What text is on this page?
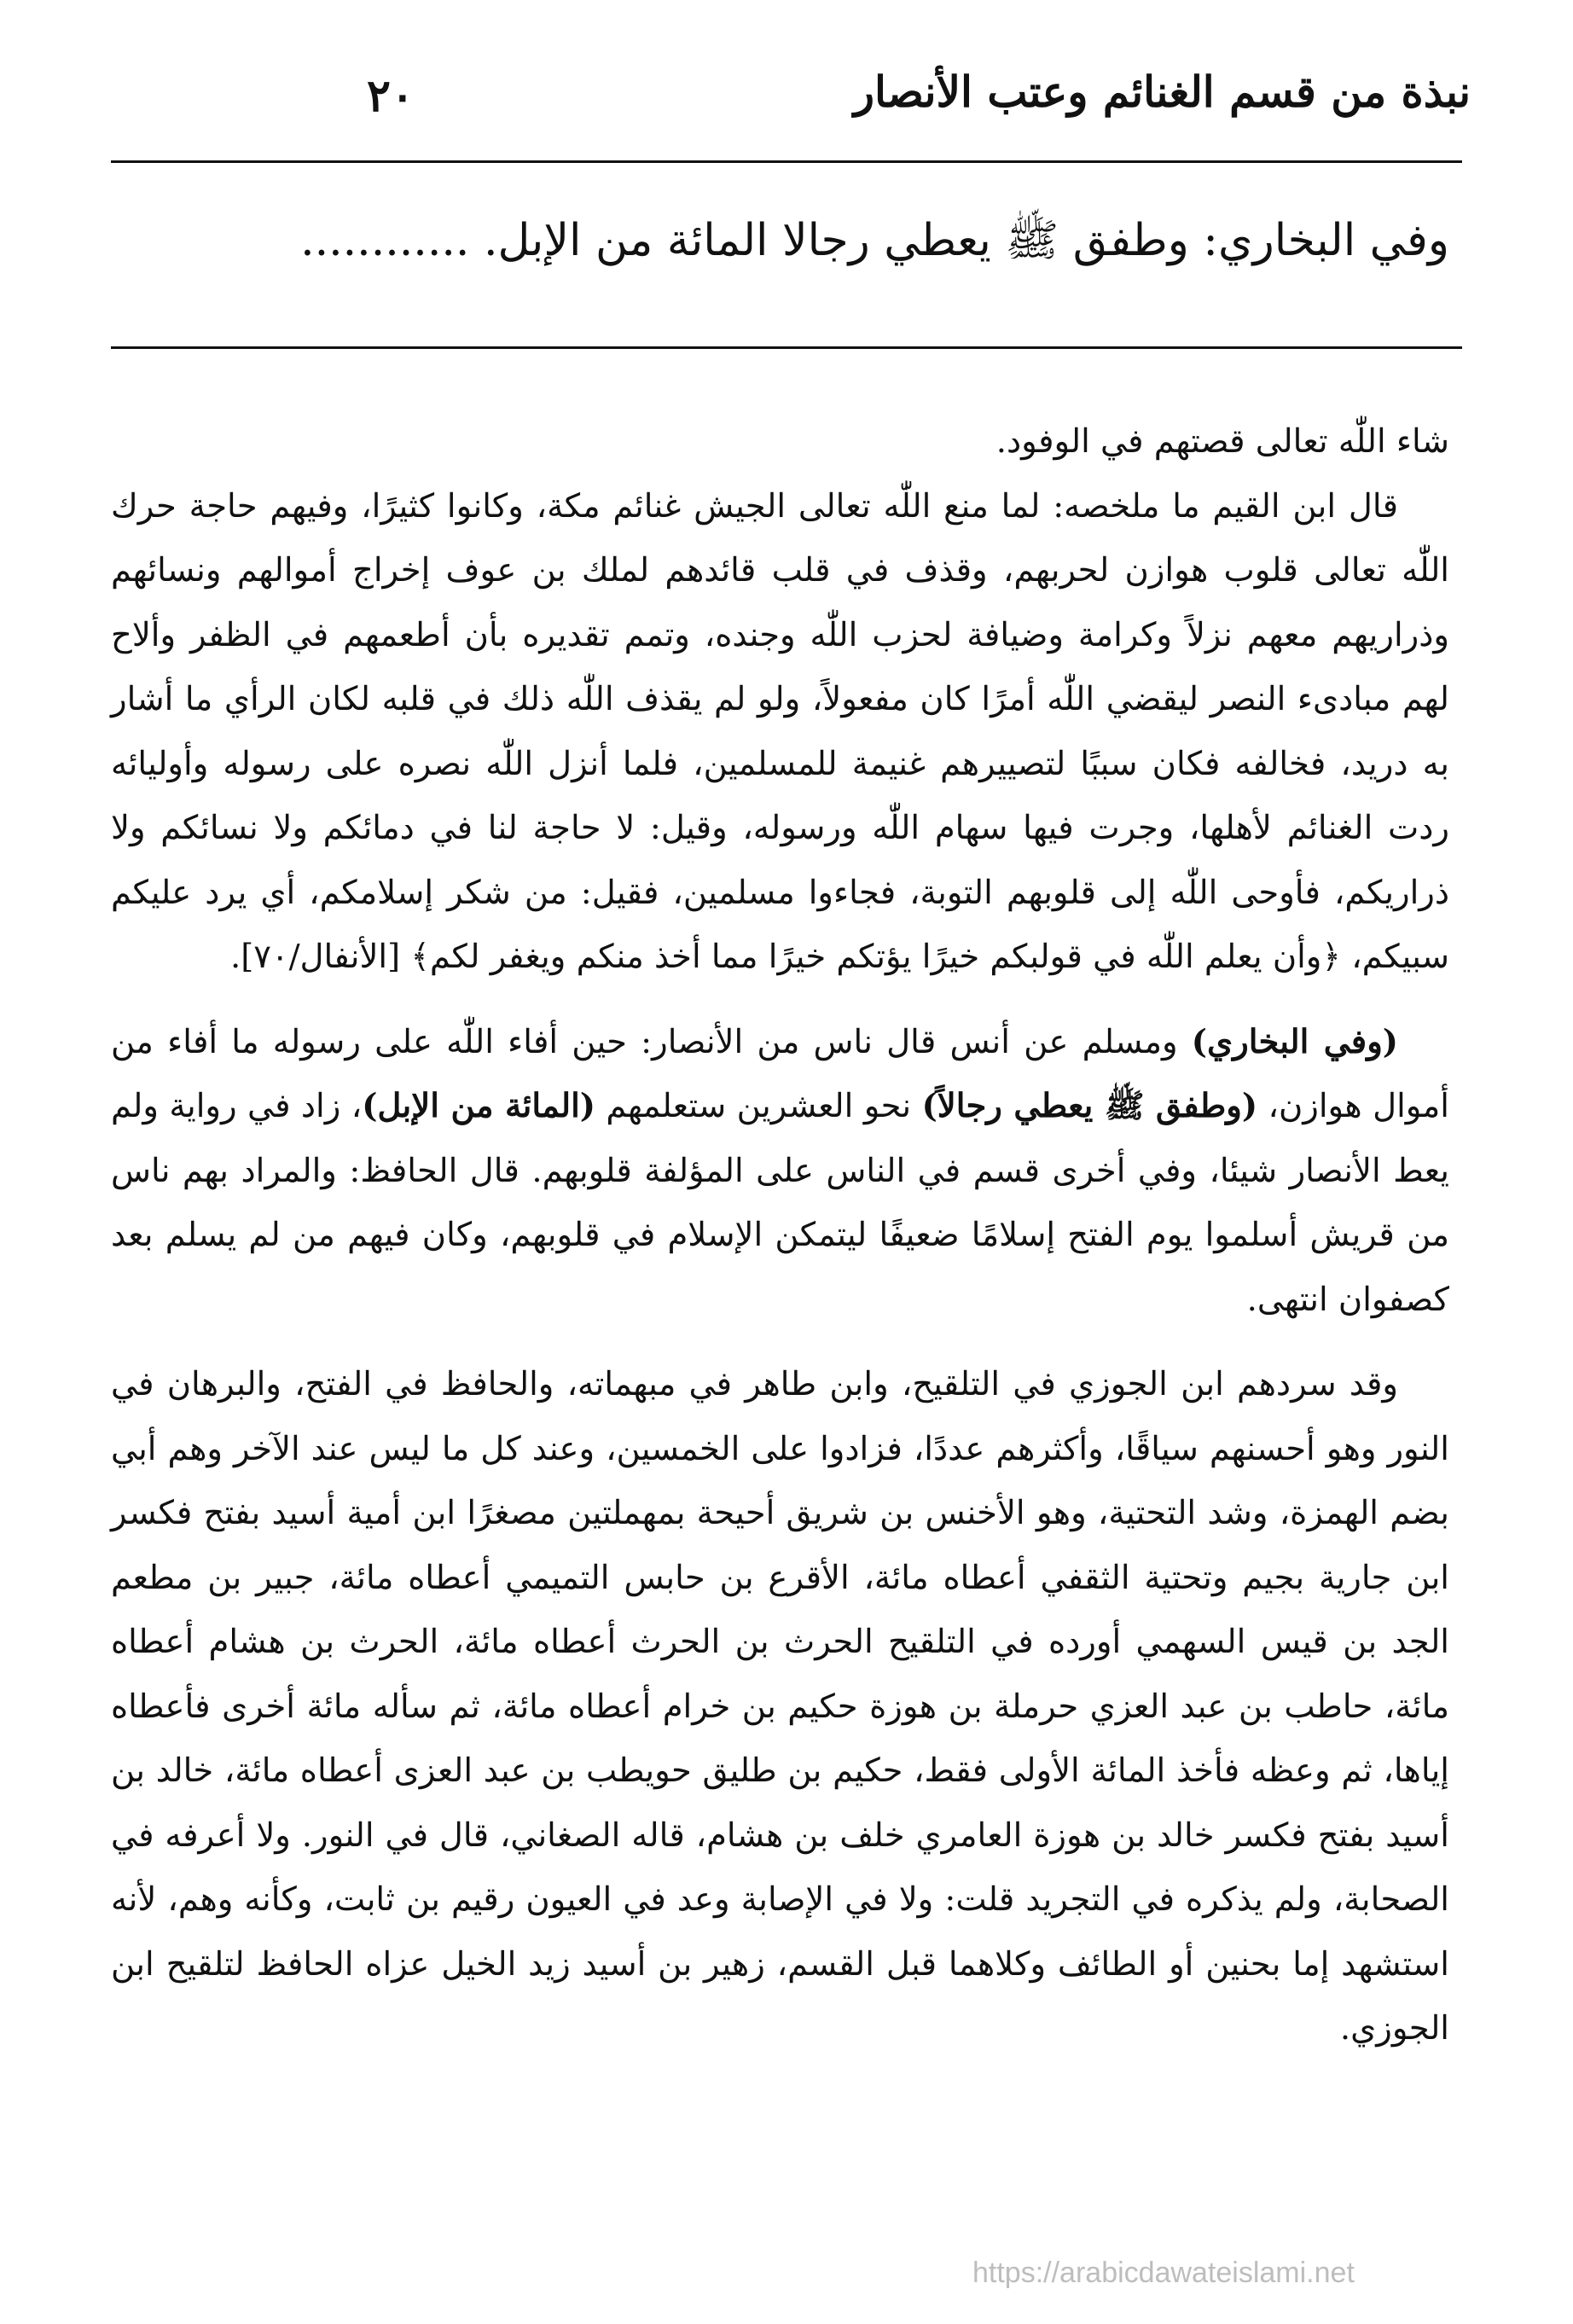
نبذة من قسم الغنائم وعتب الأنصار
٢٠
وفي البخاري: وطفق ﷺ يعطي رجالا المائة من الإبل. ............

شاء اللّٰه تعالى قصتهم في الوفود.

قال ابن القيم ما ملخصه: لما منع اللّٰه تعالى الجيش غنائم مكة، وكانوا كثيرًا، وفيهم حاجة حرك اللّٰه تعالى قلوب هوازن لحربهم، وقذف في قلب قائدهم لملك بن عوف إخراج أموالهم ونسائهم وذراريهم معهم نزلاً وكرامة وضيافة لحزب اللّٰه وجنده، وتمم تقديره بأن أطعمهم في الظفر وألاح لهم مبادىء النصر ليقضي اللّٰه أمرًا كان مفعولاً، ولو لم يقذف اللّٰه ذلك في قلبه لكان الرأي ما أشار به دريد، فخالفه فكان سببًا لتصييرهم غنيمة للمسلمين، فلما أنزل اللّٰه نصره على رسوله وأوليائه ردت الغنائم لأهلها، وجرت فيها سهام اللّٰه ورسوله، وقيل: لا حاجة لنا في دمائكم ولا نسائكم ولا ذراريكم، فأوحى اللّٰه إلى قلوبهم التوبة، فجاءوا مسلمين، فقيل: من شكر إسلامكم، أي يرد عليكم سبيكم، ﴿وأن يعلم اللّٰه في قولبكم خيرًا يؤتكم خيرًا مما أخذ منكم ويغفر لكم﴾ [الأنفال/٧٠].

(وفي البخاري) ومسلم عن أنس قال ناس من الأنصار: حين أفاء اللّٰه على رسوله ما أفاء من أموال هوازن، (وطفق ﷺ يعطي رجالاً) نحو العشرين ستعلمهم (المائة من الإبل)، زاد في رواية ولم يعط الأنصار شيئا، وفي أخرى قسم في الناس على المؤلفة قلوبهم. قال الحافظ: والمراد بهم ناس من قريش أسلموا يوم الفتح إسلامًا ضعيفًا ليتمكن الإسلام في قلوبهم، وكان فيهم من لم يسلم بعد كصفوان انتهى.

وقد سردهم ابن الجوزي في التلقيح، وابن طاهر في مبهماته، والحافظ في الفتح، والبرهان في النور وهو أحسنهم سياقًا، وأكثرهم عددًا، فزادوا على الخمسين، وعند كل ما ليس عند الآخر وهم أبي بضم الهمزة، وشد التحتية، وهو الأخنس بن شريق أحيحة بمهملتين مصغرًا ابن أمية أسيد بفتح فكسر ابن جارية بجيم وتحتية الثقفي أعطاه مائة، الأقرع بن حابس التميمي أعطاه مائة، جبير بن مطعم الجد بن قيس السهمي أورده في التلقيح الحرث بن الحرث أعطاه مائة، الحرث بن هشام أعطاه مائة، حاطب بن عبد العزي حرملة بن هوزة حكيم بن خرام أعطاه مائة، ثم سأله مائة أخرى فأعطاه إياها، ثم وعظه فأخذ المائة الأولى فقط، حكيم بن طليق حويطب بن عبد العزى أعطاه مائة، خالد بن أسيد بفتح فكسر خالد بن هوزة العامري خلف بن هشام، قاله الصغاني، قال في النور. ولا أعرفه في الصحابة، ولم يذكره في التجريد قلت: ولا في الإصابة وعد في العيون رقيم بن ثابت، وكأنه وهم، لأنه استشهد إما بحنين أو الطائف وكلاهما قبل القسم، زهير بن أسيد زيد الخيل عزاه الحافظ لتلقيح ابن الجوزي.

https://arabicdawateislami.net
